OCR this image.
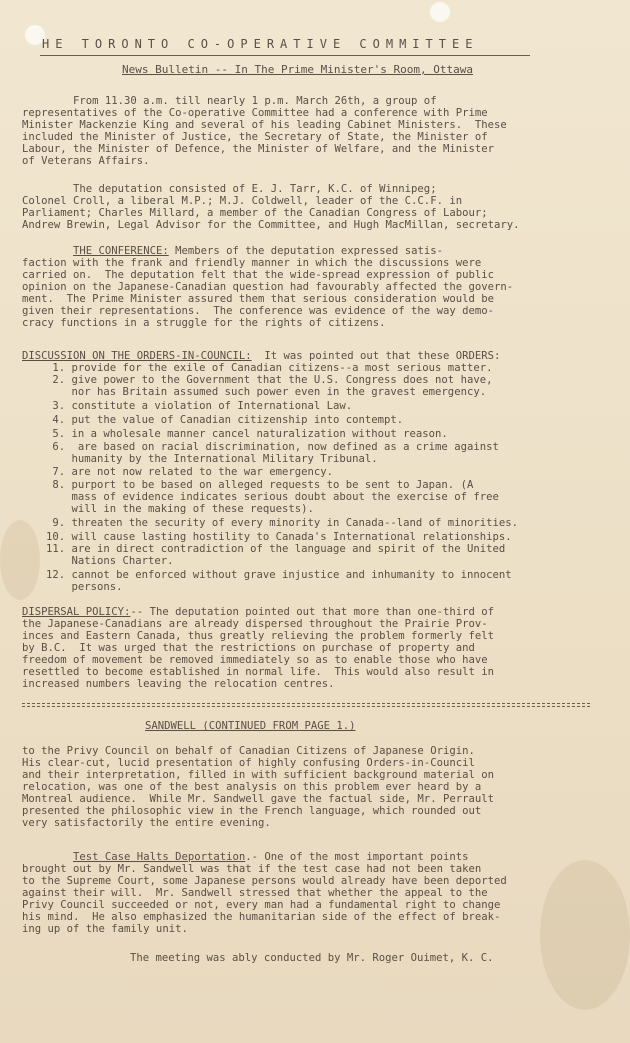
HE TORONTO CO-OPERATIVE COMMITTEE
News Bulletin -- In The Prime Minister's Room, Ottawa
From 11.30 a.m. till nearly 1 p.m. March 26th, a group of
representatives of the Co-operative Committee had a conference with Prime
Minister Mackenzie King and several of his leading Cabinet Ministers.  These
included the Minister of Justice, the Secretary of State, the Minister of
Labour, the Minister of Defence, the Minister of Welfare, and the Minister
of Veterans Affairs.
The deputation consisted of E. J. Tarr, K.C. of Winnipeg;
Colonel Croll, a liberal M.P.; M.J. Coldwell, leader of the C.C.F. in
Parliament; Charles Millard, a member of the Canadian Congress of Labour;
Andrew Brewin, Legal Advisor for the Committee, and Hugh MacMillan, secretary.
THE CONFERENCE: Members of the deputation expressed satis-
faction with the frank and friendly manner in which the discussions were
carried on.  The deputation felt that the wide-spread expression of public
opinion on the Japanese-Canadian question had favourably affected the govern-
ment.  The Prime Minister assured them that serious consideration would be
given their representations.  The conference was evidence of the way demo-
cracy functions in a struggle for the rights of citizens.
DISCUSSION ON THE ORDERS-IN-COUNCIL:  It was pointed out that these ORDERS:
1. provide for the exile of Canadian citizens--a most serious matter.
2. give power to the Government that the U.S. Congress does not have,
nor has Britain assumed such power even in the gravest emergency.
3. constitute a violation of International Law.
4. put the value of Canadian citizenship into contempt.
5. in a wholesale manner cancel naturalization without reason.
6.  are based on racial discrimination, now defined as a crime against
humanity by the International Military Tribunal.
7. are not now related to the war emergency.
8. purport to be based on alleged requests to be sent to Japan. (A
mass of evidence indicates serious doubt about the exercise of free
will in the making of these requests).
9. threaten the security of every minority in Canada--land of minorities.
10. will cause lasting hostility to Canada's International relationships.
11. are in direct contradiction of the language and spirit of the United
Nations Charter.
12. cannot be enforced without grave injustice and inhumanity to innocent
persons.
DISPERSAL POLICY:-- The deputation pointed out that more than one-third of
the Japanese-Canadians are already dispersed throughout the Prairie Prov-
inces and Eastern Canada, thus greatly relieving the problem formerly felt
by B.C.  It was urged that the restrictions on purchase of property and
freedom of movement be removed immediately so as to enable those who have
resettled to become established in normal life.  This would also result in
increased numbers leaving the relocation centres.
SANDWELL (CONTINUED FROM PAGE 1.)
to the Privy Council on behalf of Canadian Citizens of Japanese Origin.
His clear-cut, lucid presentation of highly confusing Orders-in-Council
and their interpretation, filled in with sufficient background material on
relocation, was one of the best analysis on this problem ever heard by a
Montreal audience.  While Mr. Sandwell gave the factual side, Mr. Perrault
presented the philosophic view in the French language, which rounded out
very satisfactorily the entire evening.
Test Case Halts Deportation.- One of the most important points
brought out by Mr. Sandwell was that if the test case had not been taken
to the Supreme Court, some Japanese persons would already have been deported
against their will.  Mr. Sandwell stressed that whether the appeal to the
Privy Council succeeded or not, every man had a fundamental right to change
his mind.  He also emphasized the humanitarian side of the effect of break-
ing up of the family unit.
The meeting was ably conducted by Mr. Roger Ouimet, K. C.
